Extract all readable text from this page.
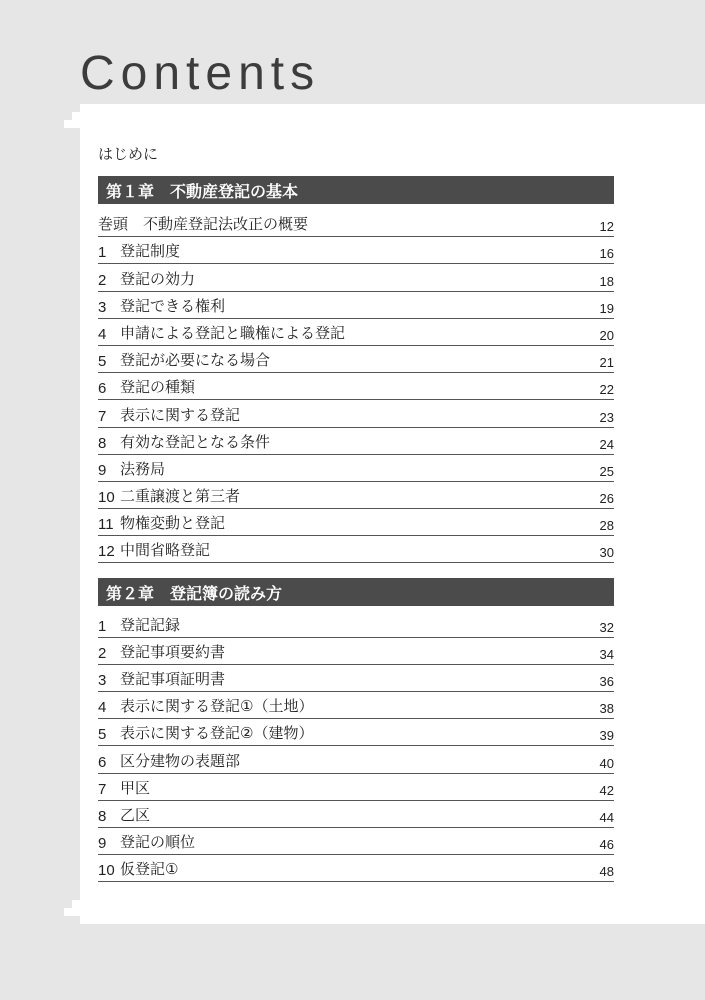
Contents
はじめに
第１章 不動産登記の基本
巻頭　不動産登記法改正の概要	12
1 登記制度	16
2 登記の効力	18
3 登記できる権利	19
4 申請による登記と職権による登記	20
5 登記が必要になる場合	21
6 登記の種類	22
7 表示に関する登記	23
8 有効な登記となる条件	24
9 法務局	25
10 二重譲渡と第三者	26
11 物権変動と登記	28
12 中間省略登記	30
第２章 登記簿の読み方
1 登記記録	32
2 登記事項要約書	34
3 登記事項証明書	36
4 表示に関する登記①（土地）	38
5 表示に関する登記②（建物）	39
6 区分建物の表題部	40
7 甲区	42
8 乙区	44
9 登記の順位	46
10 仮登記①	48
